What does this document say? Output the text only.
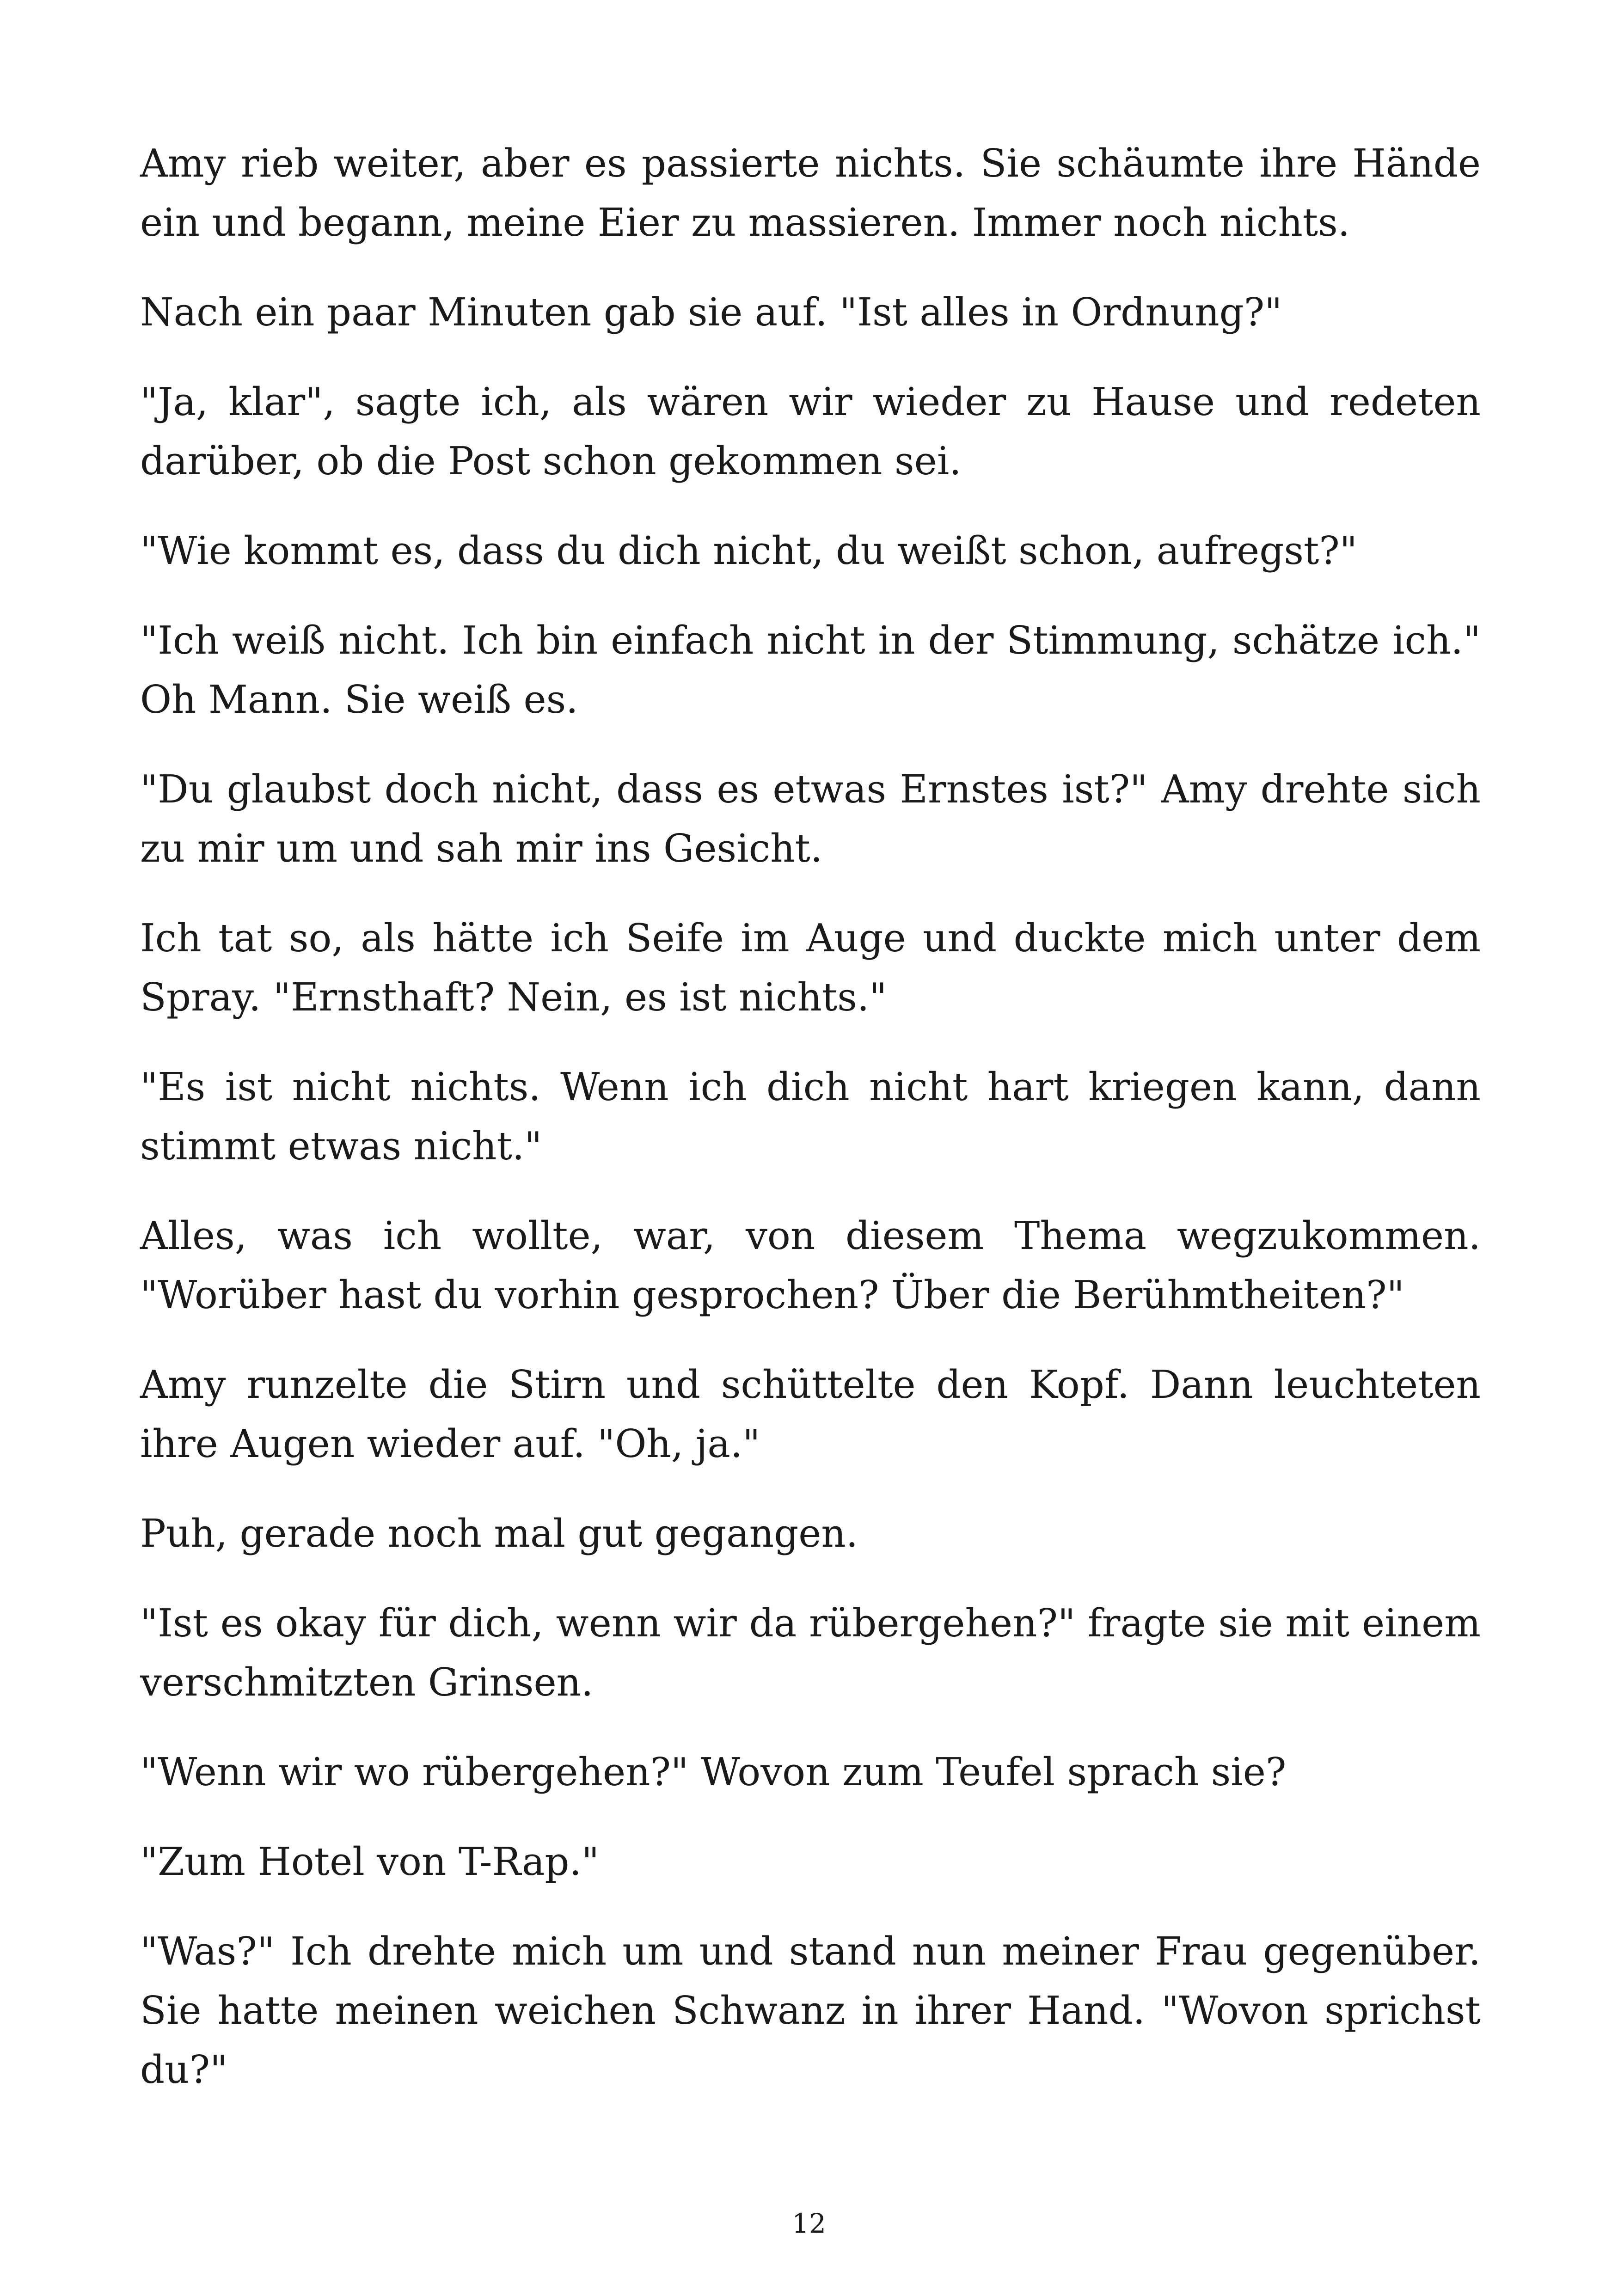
Amy rieb weiter, aber es passierte nichts. Sie schäumte ihre Hände ein und begann, meine Eier zu massieren. Immer noch nichts.

Nach ein paar Minuten gab sie auf. "Ist alles in Ordnung?"

"Ja, klar", sagte ich, als wären wir wieder zu Hause und redeten darüber, ob die Post schon gekommen sei.

"Wie kommt es, dass du dich nicht, du weißt schon, aufregst?"

"Ich weiß nicht. Ich bin einfach nicht in der Stimmung, schätze ich." Oh Mann. Sie weiß es.

"Du glaubst doch nicht, dass es etwas Ernstes ist?" Amy drehte sich zu mir um und sah mir ins Gesicht.

Ich tat so, als hätte ich Seife im Auge und duckte mich unter dem Spray. "Ernsthaft? Nein, es ist nichts."

"Es ist nicht nichts. Wenn ich dich nicht hart kriegen kann, dann stimmt etwas nicht."

Alles, was ich wollte, war, von diesem Thema wegzukommen. "Worüber hast du vorhin gesprochen? Über die Berühmtheiten?"

Amy runzelte die Stirn und schüttelte den Kopf. Dann leuchteten ihre Augen wieder auf. "Oh, ja."

Puh, gerade noch mal gut gegangen.

"Ist es okay für dich, wenn wir da rübergehen?" fragte sie mit einem verschmitzten Grinsen.

"Wenn wir wo rübergehen?" Wovon zum Teufel sprach sie?

"Zum Hotel von T-Rap."

"Was?" Ich drehte mich um und stand nun meiner Frau gegenüber. Sie hatte meinen weichen Schwanz in ihrer Hand. "Wovon sprichst du?"

12
